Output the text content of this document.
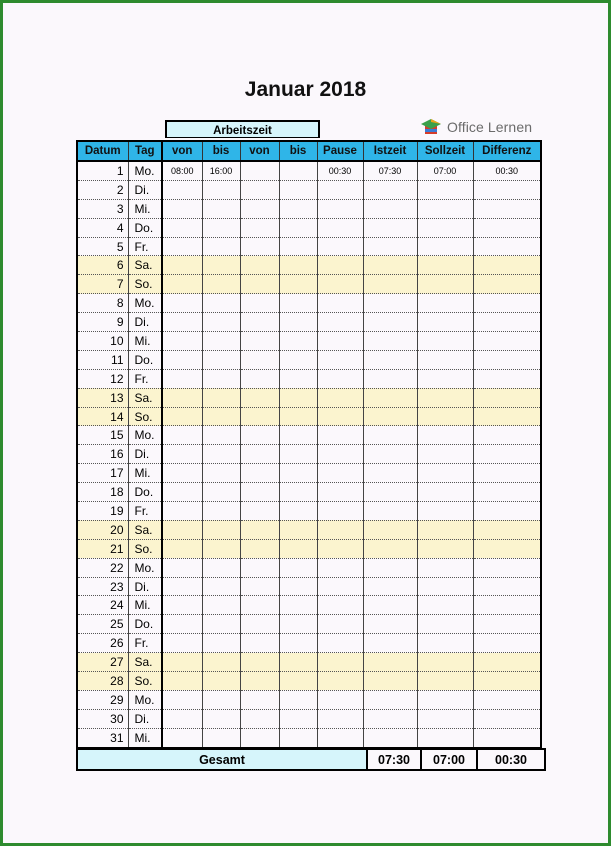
Januar 2018
Office Lernen
Arbeitszeit
Datum	Tag	von	bis	von	bis	Pause	Istzeit	Sollzeit	Differenz
1	Mo.	08:00	16:00			00:30	07:30	07:00	00:30
2	Di.								
3	Mi.								
4	Do.								
5	Fr.								
6	Sa.								
7	So.								
8	Mo.								
9	Di.								
10	Mi.								
11	Do.								
12	Fr.								
13	Sa.								
14	So.								
15	Mo.								
16	Di.								
17	Mi.								
18	Do.								
19	Fr.								
20	Sa.								
21	So.								
22	Mo.								
23	Di.								
24	Mi.								
25	Do.								
26	Fr.								
27	Sa.								
28	So.								
29	Mo.								
30	Di.								
31	Mi.								
Gesamt	07:30	07:00	00:30
